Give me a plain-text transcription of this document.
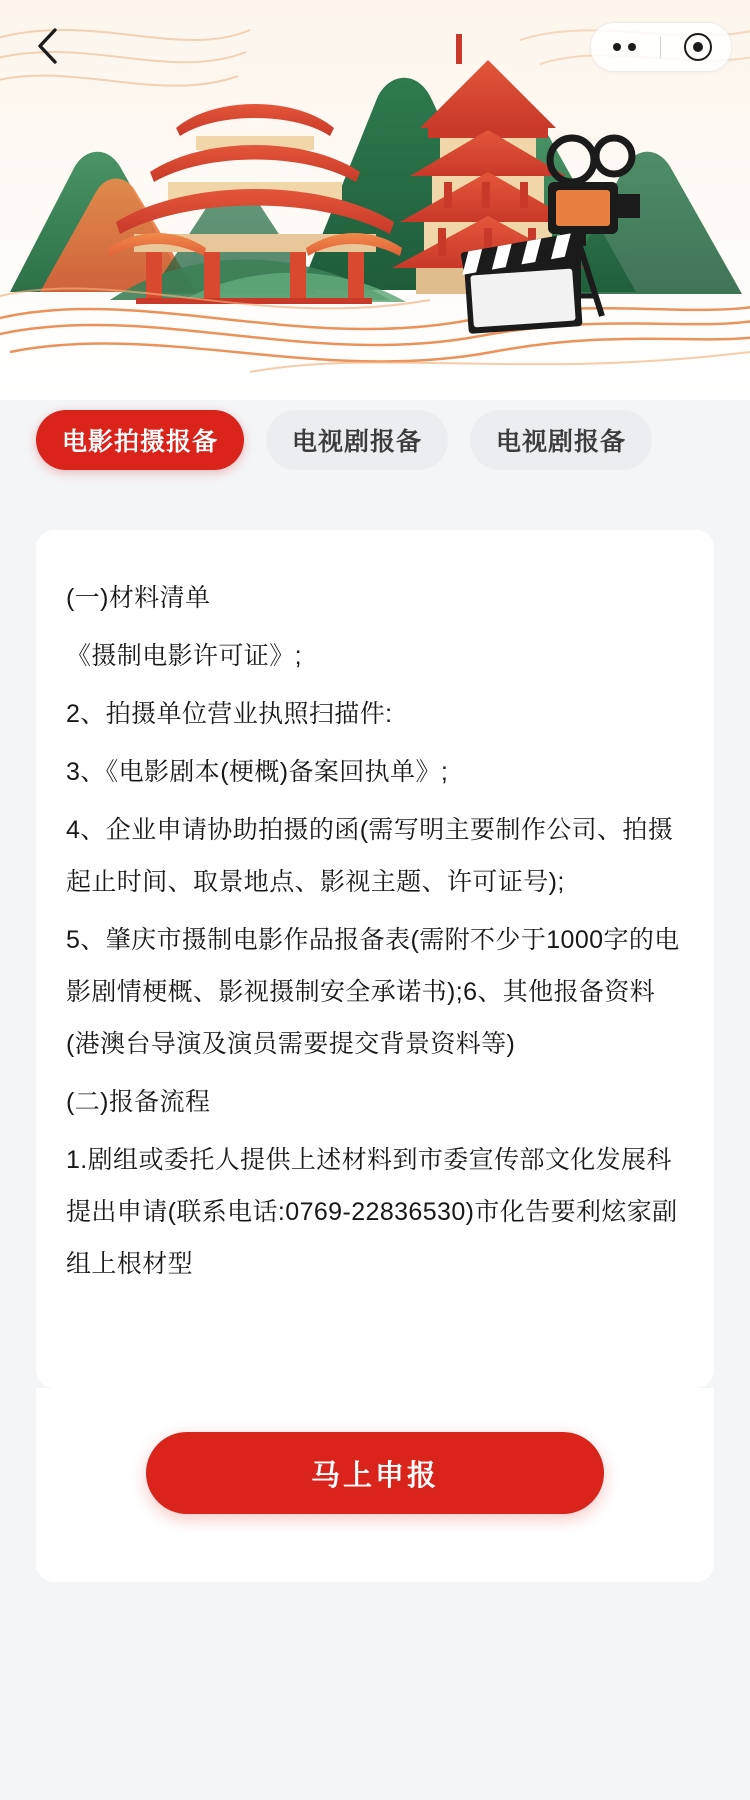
电影拍摄报备	电视剧报备	电视剧报备

(一)材料清单

《摄制电影许可证》;

2、拍摄单位营业执照扫描件:

3、《电影剧本(梗概)备案回执单》;

4、企业申请协助拍摄的函(需写明主要制作公司、拍摄起止时间、取景地点、影视主题、许可证号);

5、肇庆市摄制电影作品报备表(需附不少于1000字的电影剧情梗概、影视摄制安全承诺书);6、其他报备资料(港澳台导演及演员需要提交背景资料等)

(二)报备流程

1.剧组或委托人提供上述材料到市委宣传部文化发展科提出申请(联系电话:0769-22836530)市化告要利炫家副组上根材型

马上申报
